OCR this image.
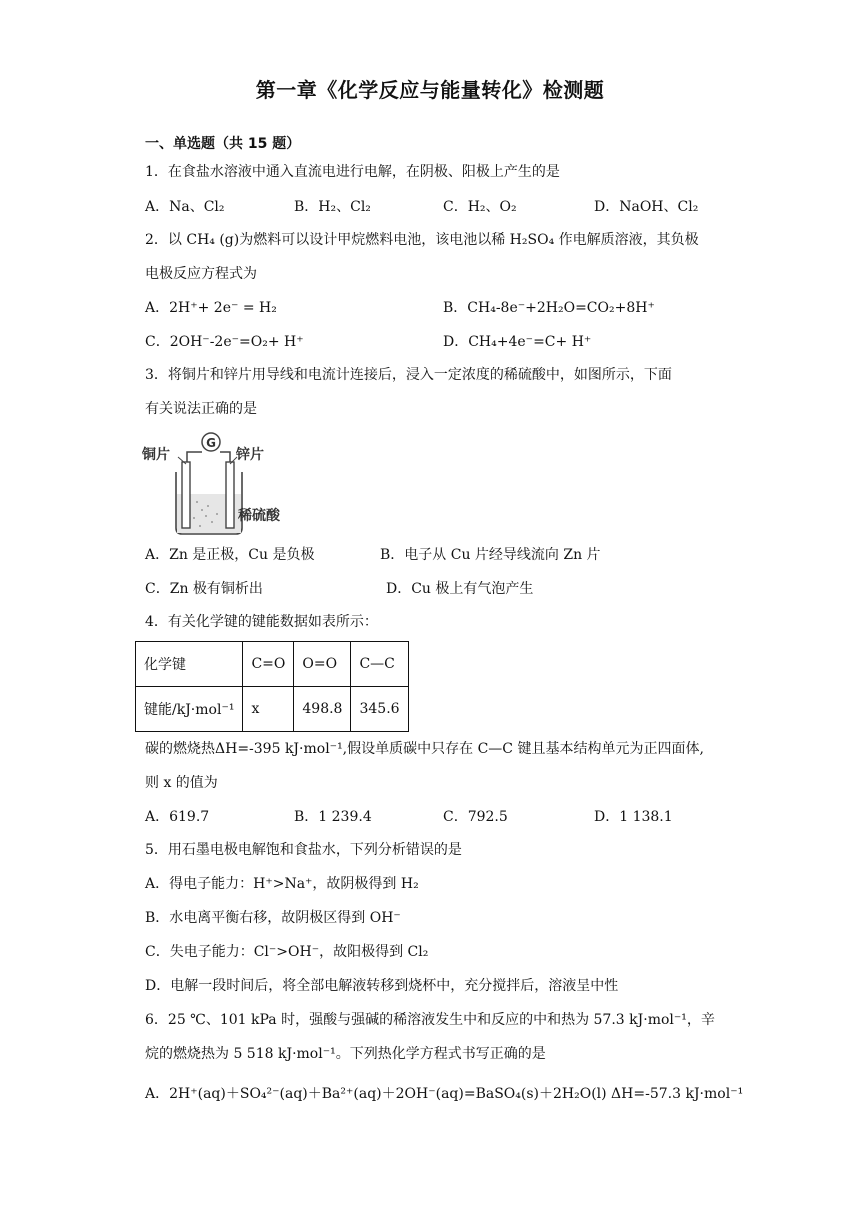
第一章《化学反应与能量转化》检测题
一、单选题（共 15 题）
1．在食盐水溶液中通入直流电进行电解，在阴极、阳极上产生的是
A．Na、Cl₂	B．H₂、Cl₂	C．H₂、O₂	D．NaOH、Cl₂
2．以 CH₄ (g)为燃料可以设计甲烷燃料电池，该电池以稀 H₂SO₄ 作电解质溶液，其负极
电极反应方程式为
A．2H⁺+ 2e⁻ = H₂	B．CH₄-8e⁻+2H₂O=CO₂+8H⁺
C．2OH⁻-2e⁻=O₂+ H⁺	D．CH₄+4e⁻=C+ H⁺
3．将铜片和锌片用导线和电流计连接后，浸入一定浓度的稀硫酸中，如图所示，下面
有关说法正确的是
G
铜片	锌片
稀硫酸
A．Zn 是正极，Cu 是负极	B．电子从 Cu 片经导线流向 Zn 片
C．Zn 极有铜析出	D．Cu 极上有气泡产生
4．有关化学键的键能数据如表所示：
化学键	C=O	O=O	C—C
键能/kJ·mol⁻¹	x	498.8	345.6
碳的燃烧热ΔH=-395 kJ·mol⁻¹,假设单质碳中只存在 C—C 键且基本结构单元为正四面体,
则 x 的值为
A．619.7	B．1 239.4	C．792.5	D．1 138.1
5．用石墨电极电解饱和食盐水，下列分析错误的是
A．得电子能力：H⁺>Na⁺，故阴极得到 H₂
B．水电离平衡右移，故阴极区得到 OH⁻
C．失电子能力：Cl⁻>OH⁻，故阳极得到 Cl₂
D．电解一段时间后，将全部电解液转移到烧杯中，充分搅拌后，溶液呈中性
6．25 ℃、101 kPa 时，强酸与强碱的稀溶液发生中和反应的中和热为 57.3 kJ·mol⁻¹，辛
烷的燃烧热为 5 518 kJ·mol⁻¹。下列热化学方程式书写正确的是
A．2H⁺(aq)＋SO₄²⁻(aq)＋Ba²⁺(aq)＋2OH⁻(aq)=BaSO₄(s)＋2H₂O(l) ΔH=-57.3 kJ·mol⁻¹
